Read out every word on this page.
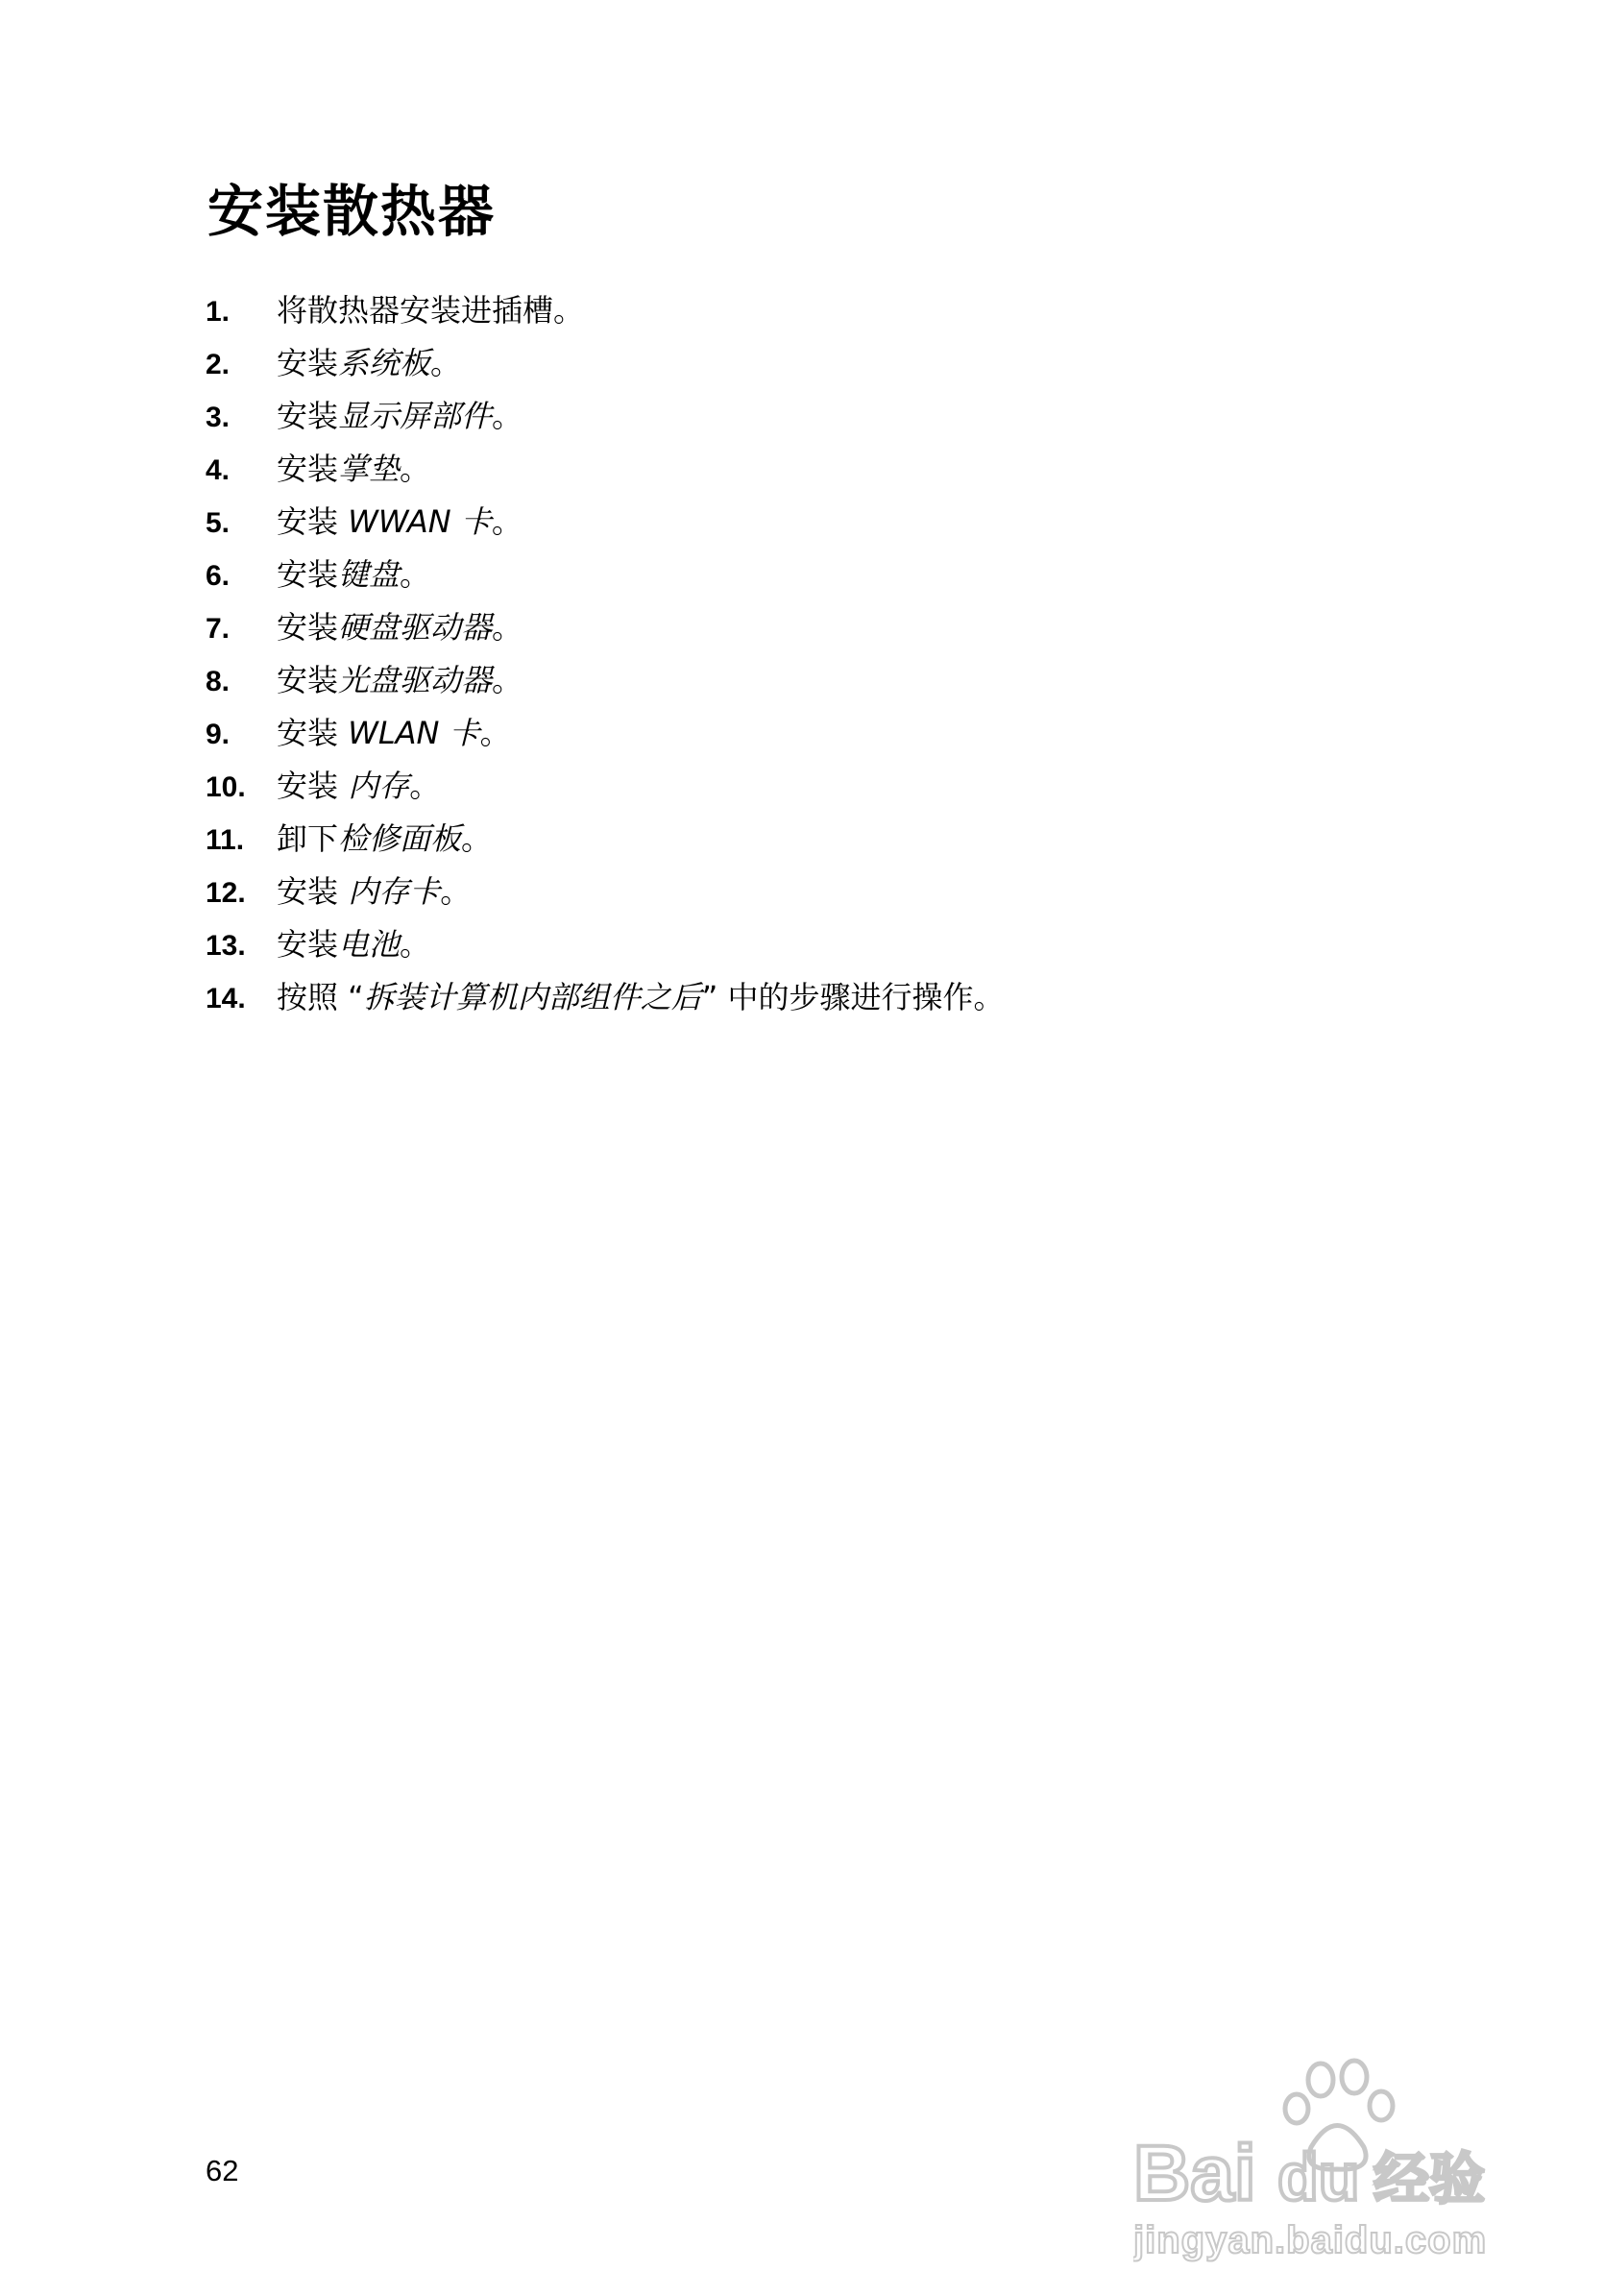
安装散热器
1. 将散热器安装进插槽。
2. 安装系统板。
3. 安装显示屏部件。
4. 安装掌垫。
5. 安装 WWAN 卡。
6. 安装键盘。
7. 安装硬盘驱动器。
8. 安装光盘驱动器。
9. 安装 WLAN 卡。
10. 安装 内存。
11. 卸下检修面板。
12. 安装 内存卡。
13. 安装电池。
14. 按照 “拆装计算机内部组件之后” 中的步骤进行操作。
62	Bai du 经验
jingyan.baidu.com
